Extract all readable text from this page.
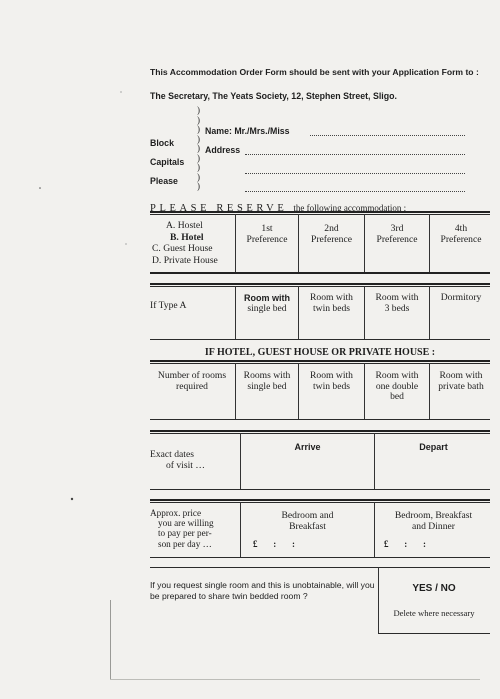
This Accommodation Order Form should be sent with your Application Form to :
The Secretary, The Yeats Society, 12, Stephen Street, Sligo.
)
)
)
)
)
)
)
)
)
Block
Capitals
Please
Name: Mr./Mrs./Miss
Address
PLEASE RESERVE the following accommodation :
A. Hostel
B. Hotel
C. Guest House
D. Private House
1st
Preference
2nd
Preference
3rd
Preference
4th
Preference
If Type A
Room with
single bed
Room with
twin beds
Room with
3 beds
Dormitory
IF HOTEL, GUEST HOUSE OR PRIVATE HOUSE :
Number of rooms
required
Rooms with
single bed
Room with
twin beds
Room with
one double
bed
Room with
private bath
Exact dates
of visit …
Arrive	Depart
Approx. price
you are willing
to pay per per-
son per day …
Bedroom and
Breakfast
Bedroom, Breakfast
and Dinner
£       :       :	£       :       :
If you request single room and this is unobtainable, will you be prepared to share twin bedded room ?
YES / NO
Delete where necessary
